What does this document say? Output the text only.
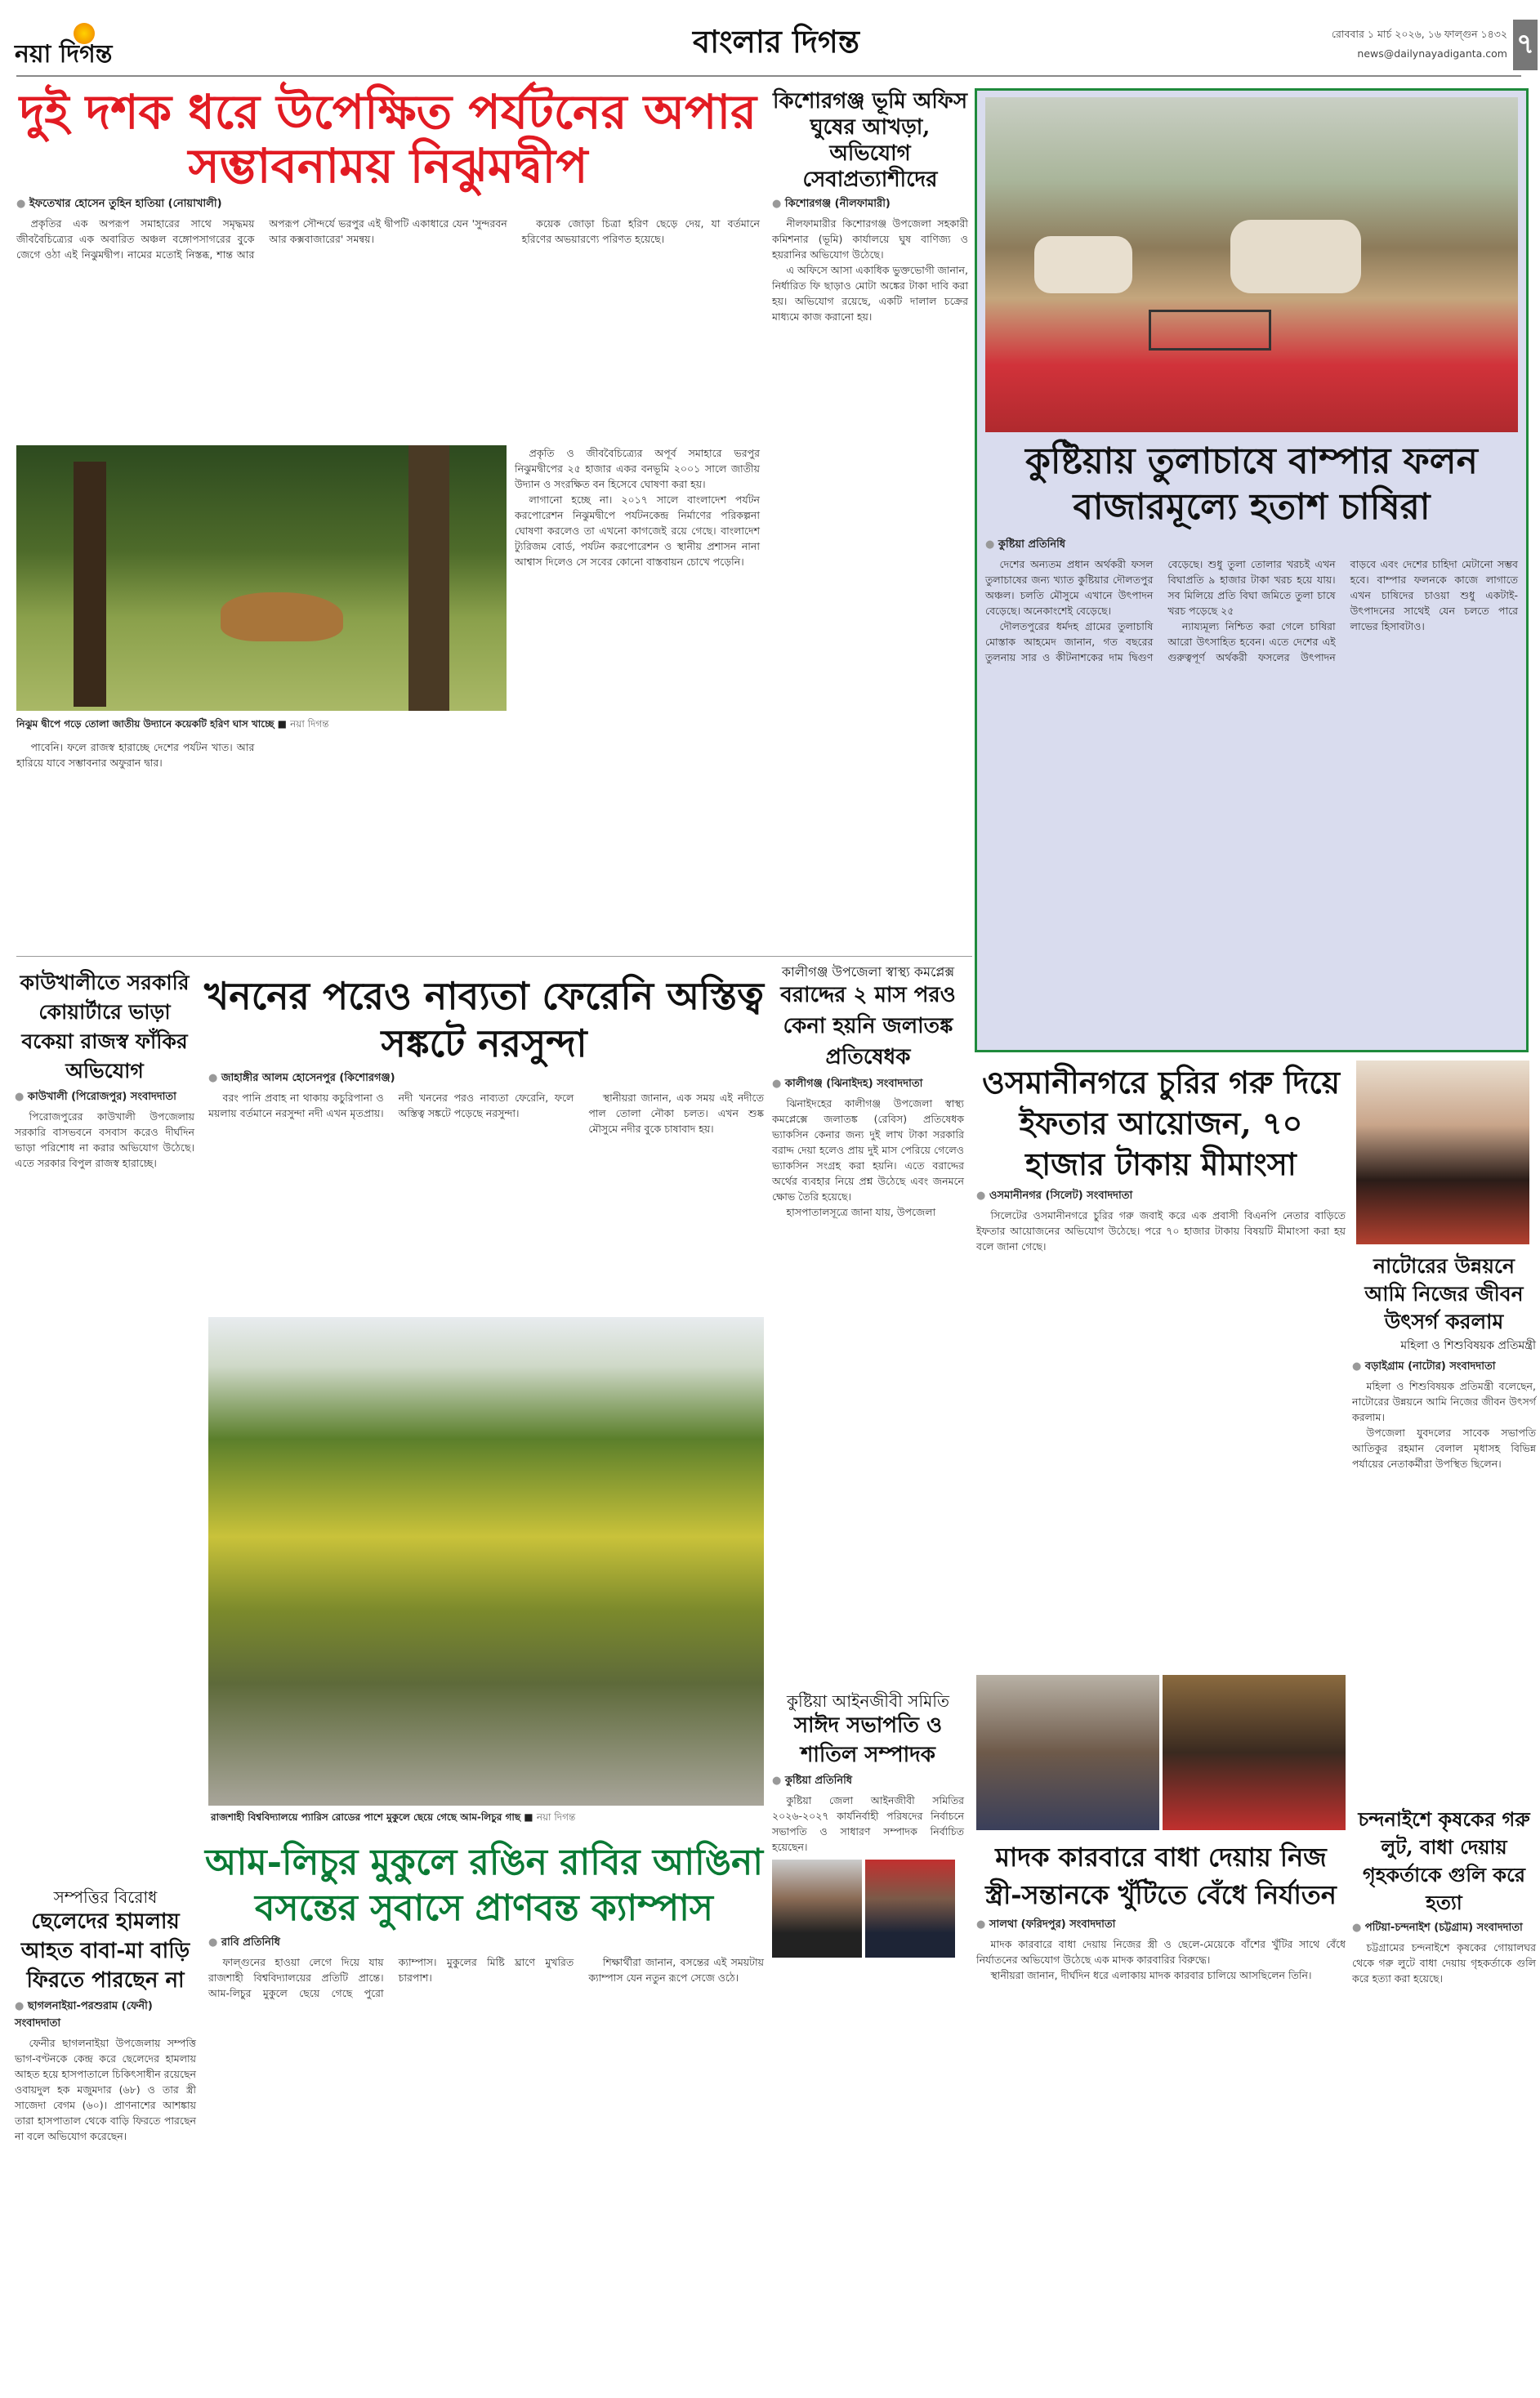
নয়া দিগন্ত	বাংলার দিগন্ত	রোববার ১ মার্চ ২০২৬, ১৬ ফাল্গুন ১৪৩২
news@dailynayadiganta.com ৭
দুই দশক ধরে উপেক্ষিত পর্যটনের অপার সম্ভাবনাময় নিঝুমদ্বীপ
● ইফতেখার হোসেন তুহিন হাতিয়া (নোয়াখালী)

প্রকৃতির এক অপরূপ সমাহারের সাথে সমৃদ্ধময় জীববৈচিত্র্যের এক অবারিত অঞ্চল বঙ্গোপসাগরের বুকে জেগে ওঠা এই নিঝুমদ্বীপ। নামের মতোই নিস্তব্ধ, শান্ত আর অপরূপ সৌন্দর্যে ভরপুর এই দ্বীপটি একাধারে যেন 'সুন্দরবন আর কক্সবাজারের' সমন্বয়।

কয়েক জোড়া চিত্রা হরিণ ছেড়ে দেয়, যা বর্তমানে হরিণের অভয়ারণ্যে পরিণত হয়েছে।

প্রকৃতি ও জীববৈচিত্র্যের অপূর্ব সমাহারে ভরপুর নিঝুমদ্বীপের ২৫ হাজার একর বনভূমি ২০০১ সালে জাতীয় উদ্যান ও সংরক্ষিত বন হিসেবে ঘোষণা করা হয়।

লাগানো হচ্ছে না। ২০১৭ সালে বাংলাদেশ পর্যটন করপোরেশন নিঝুমদ্বীপে পর্যটনকেন্দ্র নির্মাণের পরিকল্পনা ঘোষণা করলেও তা এখনো কাগজেই রয়ে গেছে। বাংলাদেশ ট্যুরিজম বোর্ড, পর্যটন করপোরেশন ও স্থানীয় প্রশাসন নানা আশ্বাস দিলেও সে সবের কোনো বাস্তবায়ন চোখে পড়েনি।

নিঝুম দ্বীপে গড়ে তোলা জাতীয় উদ্যানে কয়েকটি হরিণ ঘাস খাচ্ছে ■ নয়া দিগন্ত

পাবেনি। ফলে রাজস্ব হারাচ্ছে দেশের পর্যটন খাত। আর হারিয়ে যাবে সম্ভাবনার অফুরান দ্বার।

কিশোরগঞ্জ ভূমি অফিস ঘুষের আখড়া, অভিযোগ সেবাপ্রত্যাশীদের
● কিশোরগঞ্জ (নীলফামারী)

নীলফামারীর কিশোরগঞ্জ উপজেলা সহকারী কমিশনার (ভূমি) কার্যালয়ে ঘুষ বাণিজ্য ও হয়রানির অভিযোগ উঠেছে।

এ অফিসে আসা একাধিক ভুক্তভোগী জানান, নির্ধারিত ফি ছাড়াও মোটা অঙ্কের টাকা দাবি করা হয়। অভিযোগ রয়েছে, একটি দালাল চক্রের মাধ্যমে কাজ করানো হয়।

কুষ্টিয়ায় তুলাচাষে বাম্পার ফলন বাজারমূল্যে হতাশ চাষিরা
● কুষ্টিয়া প্রতিনিধি

দেশের অন্যতম প্রধান অর্থকরী ফসল তুলাচাষের জন্য খ্যাত কুষ্টিয়ার দৌলতপুর অঞ্চল। চলতি মৌসুমে এখানে উৎপাদন বেড়েছে। অনেকাংশেই বেড়েছে।

দৌলতপুরের ধর্মদহ গ্রামের তুলাচাষি মোস্তাক আহমেদ জানান, গত বছরের তুলনায় সার ও কীটনাশকের দাম দ্বিগুণ বেড়েছে। শুধু তুলা তোলার খরচই এখন বিঘাপ্রতি ৯ হাজার টাকা খরচ হয়ে যায়। সব মিলিয়ে প্রতি বিঘা জমিতে তুলা চাষে খরচ পড়েছে ২৫

ন্যায্যমূল্য নিশ্চিত করা গেলে চাষিরা আরো উৎসাহিত হবেন। এতে দেশের এই গুরুত্বপূর্ণ অর্থকরী ফসলের উৎপাদন বাড়বে এবং দেশের চাহিদা মেটানো সম্ভব হবে। বাম্পার ফলনকে কাজে লাগাতে এখন চাষিদের চাওয়া শুধু একটাই- উৎপাদনের সাথেই যেন চলতে পারে লাভের হিসাবটাও।

কাউখালীতে সরকারি কোয়ার্টারে ভাড়া বকেয়া রাজস্ব ফাঁকির অভিযোগ
● কাউখালী (পিরোজপুর) সংবাদদাতা

পিরোজপুরের কাউখালী উপজেলায় সরকারি বাসভবনে বসবাস করেও দীর্ঘদিন ভাড়া পরিশোধ না করার অভিযোগ উঠেছে। এতে সরকার বিপুল রাজস্ব হারাচ্ছে।

সম্পত্তির বিরোধ
ছেলেদের হামলায় আহত বাবা-মা বাড়ি ফিরতে পারছেন না
● ছাগলনাইয়া-পরশুরাম (ফেনী) সংবাদদাতা

ফেনীর ছাগলনাইয়া উপজেলায় সম্পত্তি ভাগ-বণ্টনকে কেন্দ্র করে ছেলেদের হামলায় আহত হয়ে হাসপাতালে চিকিৎসাধীন রয়েছেন ওবায়দুল হক মজুমদার (৬৮) ও তার স্ত্রী সাজেদা বেগম (৬০)। প্রাণনাশের আশঙ্কায় তারা হাসপাতাল থেকে বাড়ি ফিরতে পারছেন না বলে অভিযোগ করেছেন।

খননের পরেও নাব্যতা ফেরেনি অস্তিত্ব সঙ্কটে নরসুন্দা
● জাহাঙ্গীর আলম হোসেনপুর (কিশোরগঞ্জ)

বরং পানি প্রবাহ না থাকায় কচুরিপানা ও ময়লায় বর্তমানে নরসুন্দা নদী এখন মৃতপ্রায়। নদী খননের পরও নাব্যতা ফেরেনি, ফলে অস্তিত্ব সঙ্কটে পড়েছে নরসুন্দা।

স্থানীয়রা জানান, এক সময় এই নদীতে পাল তোলা নৌকা চলত। এখন শুষ্ক মৌসুমে নদীর বুকে চাষাবাদ হয়।

রাজশাহী বিশ্ববিদ্যালয়ে প্যারিস রোডের পাশে মুকুলে ছেয়ে গেছে আম-লিচুর গাছ ■ নয়া দিগন্ত
আম-লিচুর মুকুলে রঙিন রাবির আঙিনা বসন্তের সুবাসে প্রাণবন্ত ক্যাম্পাস
● রাবি প্রতিনিধি

ফাল্গুনের হাওয়া লেগে দিয়ে যায় রাজশাহী বিশ্ববিদ্যালয়ের প্রতিটি প্রান্তে। আম-লিচুর মুকুলে ছেয়ে গেছে পুরো ক্যাম্পাস। মুকুলের মিষ্টি ঘ্রাণে মুখরিত চারপাশ।

শিক্ষার্থীরা জানান, বসন্তের এই সময়টায় ক্যাম্পাস যেন নতুন রূপে সেজে ওঠে।

কালীগঞ্জ উপজেলা স্বাস্থ্য কমপ্লেক্স
বরাদ্দের ২ মাস পরও কেনা হয়নি জলাতঙ্ক প্রতিষেধক
● কালীগঞ্জ (ঝিনাইদহ) সংবাদদাতা

ঝিনাইদহের কালীগঞ্জ উপজেলা স্বাস্থ্য কমপ্লেক্সে জলাতঙ্ক (রেবিস) প্রতিষেধক ভ্যাকসিন কেনার জন্য দুই লাখ টাকা সরকারি বরাদ্দ দেয়া হলেও প্রায় দুই মাস পেরিয়ে গেলেও ভ্যাকসিন সংগ্রহ করা হয়নি। এতে বরাদ্দের অর্থের ব্যবহার নিয়ে প্রশ্ন উঠেছে এবং জনমনে ক্ষোভ তৈরি হয়েছে।

হাসপাতালসূত্রে জানা যায়, উপজেলা

কুষ্টিয়া আইনজীবী সমিতি
সাঈদ সভাপতি ও শাতিল সম্পাদক
● কুষ্টিয়া প্রতিনিধি

কুষ্টিয়া জেলা আইনজীবী সমিতির ২০২৬-২০২৭ কার্যনির্বাহী পরিষদের নির্বাচনে সভাপতি ও সাধারণ সম্পাদক নির্বাচিত হয়েছেন।

ওসমানীনগরে চুরির গরু দিয়ে ইফতার আয়োজন, ৭০ হাজার টাকায় মীমাংসা
● ওসমানীনগর (সিলেট) সংবাদদাতা

সিলেটের ওসমানীনগরে চুরির গরু জবাই করে এক প্রবাসী বিএনপি নেতার বাড়িতে ইফতার আয়োজনের অভিযোগ উঠেছে। পরে ৭০ হাজার টাকায় বিষয়টি মীমাংসা করা হয় বলে জানা গেছে।

নাটোরের উন্নয়নে আমি নিজের জীবন উৎসর্গ করলাম
মহিলা ও শিশুবিষয়ক প্রতিমন্ত্রী
● বড়াইগ্রাম (নাটোর) সংবাদদাতা

মহিলা ও শিশুবিষয়ক প্রতিমন্ত্রী বলেছেন, নাটোরের উন্নয়নে আমি নিজের জীবন উৎসর্গ করলাম।

উপজেলা যুবদলের সাবেক সভাপতি আতিকুর রহমান বেলাল মৃধাসহ বিভিন্ন পর্যায়ের নেতাকর্মীরা উপস্থিত ছিলেন।

চন্দনাইশে কৃষকের গরু লুট, বাধা দেয়ায় গৃহকর্তাকে গুলি করে হত্যা
● পটিয়া-চন্দনাইশ (চট্টগ্রাম) সংবাদদাতা

চট্টগ্রামের চন্দনাইশে কৃষকের গোয়ালঘর থেকে গরু লুটে বাধা দেয়ায় গৃহকর্তাকে গুলি করে হত্যা করা হয়েছে।

মাদক কারবারে বাধা দেয়ায় নিজ স্ত্রী-সন্তানকে খুঁটিতে বেঁধে নির্যাতন
● সালথা (ফরিদপুর) সংবাদদাতা

মাদক কারবারে বাধা দেয়ায় নিজের স্ত্রী ও ছেলে-মেয়েকে বাঁশের খুঁটির সাথে বেঁধে নির্যাতনের অভিযোগ উঠেছে এক মাদক কারবারির বিরুদ্ধে।

স্থানীয়রা জানান, দীর্ঘদিন ধরে এলাকায় মাদক কারবার চালিয়ে আসছিলেন তিনি।
